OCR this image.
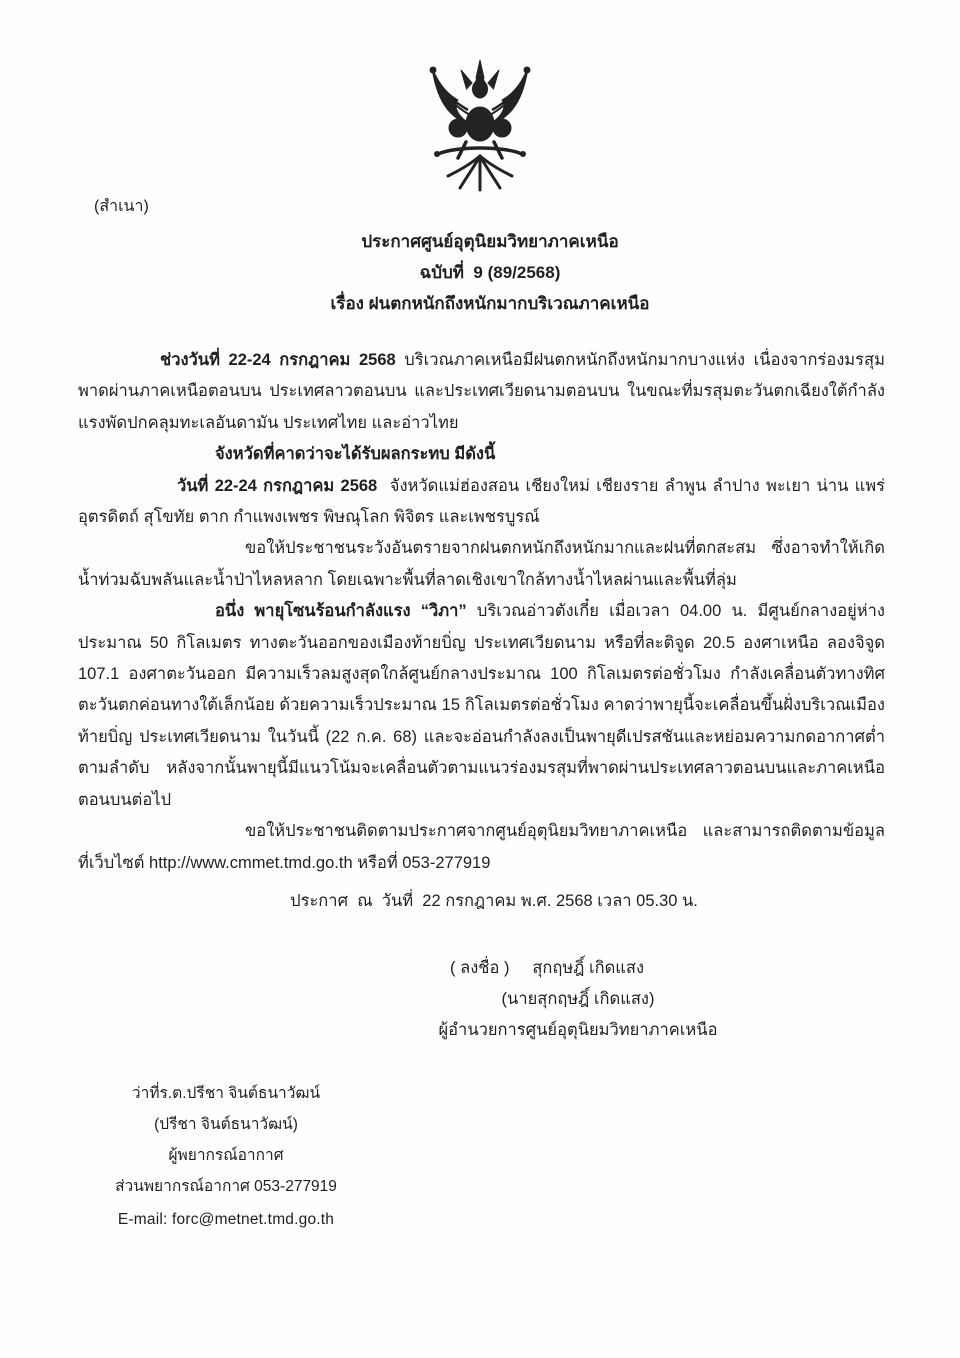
(สำเนา)
ประกาศศูนย์อุตุนิยมวิทยาภาคเหนือ
ฉบับที่  9 (89/2568)
เรื่อง ฝนตกหนักถึงหนักมากบริเวณภาคเหนือ

ช่วงวันที่ 22-24 กรกฎาคม 2568 บริเวณภาคเหนือมีฝนตกหนักถึงหนักมากบางแห่ง เนื่องจากร่องมรสุมพาดผ่านภาคเหนือตอนบน ประเทศลาวตอนบน และประเทศเวียดนามตอนบน ในขณะที่มรสุมตะวันตกเฉียงใต้กำลังแรงพัดปกคลุมทะเลอันดามัน ประเทศไทย และอ่าวไทย

จังหวัดที่คาดว่าจะได้รับผลกระทบ มีดังนี้

วันที่ 22-24 กรกฎาคม 2568  จังหวัดแม่ฮ่องสอน เชียงใหม่ เชียงราย ลำพูน ลำปาง พะเยา น่าน แพร่ อุตรดิตถ์ สุโขทัย ตาก กำแพงเพชร พิษณุโลก พิจิตร และเพชรบูรณ์

ขอให้ประชาชนระวังอันตรายจากฝนตกหนักถึงหนักมากและฝนที่ตกสะสม ซึ่งอาจทำให้เกิดน้ำท่วมฉับพลันและน้ำป่าไหลหลาก โดยเฉพาะพื้นที่ลาดเชิงเขาใกล้ทางน้ำไหลผ่านและพื้นที่ลุ่ม

อนึ่ง พายุโซนร้อนกำลังแรง “วิภา” บริเวณอ่าวตังเกี๋ย เมื่อเวลา 04.00 น. มีศูนย์กลางอยู่ห่างประมาณ 50 กิโลเมตร ทางตะวันออกของเมืองท้ายบิ่ญ ประเทศเวียดนาม หรือที่ละติจูด 20.5 องศาเหนือ ลองจิจูด 107.1 องศาตะวันออก มีความเร็วลมสูงสุดใกล้ศูนย์กลางประมาณ 100 กิโลเมตรต่อชั่วโมง กำลังเคลื่อนตัวทางทิศตะวันตกค่อนทางใต้เล็กน้อย ด้วยความเร็วประมาณ 15 กิโลเมตรต่อชั่วโมง คาดว่าพายุนี้จะเคลื่อนขึ้นฝั่งบริเวณเมืองท้ายบิ่ญ ประเทศเวียดนาม ในวันนี้ (22 ก.ค. 68) และจะอ่อนกำลังลงเป็นพายุดีเปรสชันและหย่อมความกดอากาศต่ำตามลำดับ หลังจากนั้นพายุนี้มีแนวโน้มจะเคลื่อนตัวตามแนวร่องมรสุมที่พาดผ่านประเทศลาวตอนบนและภาคเหนือตอนบนต่อไป

ขอให้ประชาชนติดตามประกาศจากศูนย์อุตุนิยมวิทยาภาคเหนือ และสามารถติดตามข้อมูลที่เว็บไซต์ http://www.cmmet.tmd.go.th หรือที่ 053-277919

ประกาศ  ณ  วันที่  22 กรกฎาคม พ.ศ. 2568 เวลา 05.30 น.
( ลงชื่อ )     สุกฤษฎิ์ เกิดแสง
(นายสุกฤษฎิ์ เกิดแสง)
ผู้อำนวยการศูนย์อุตุนิยมวิทยาภาคเหนือ
ว่าที่ร.ต.ปรีชา จินต์ธนาวัฒน์
(ปรีชา จินต์ธนาวัฒน์)
ผู้พยากรณ์อากาศ
ส่วนพยากรณ์อากาศ 053-277919
E-mail: forc@metnet.tmd.go.th
